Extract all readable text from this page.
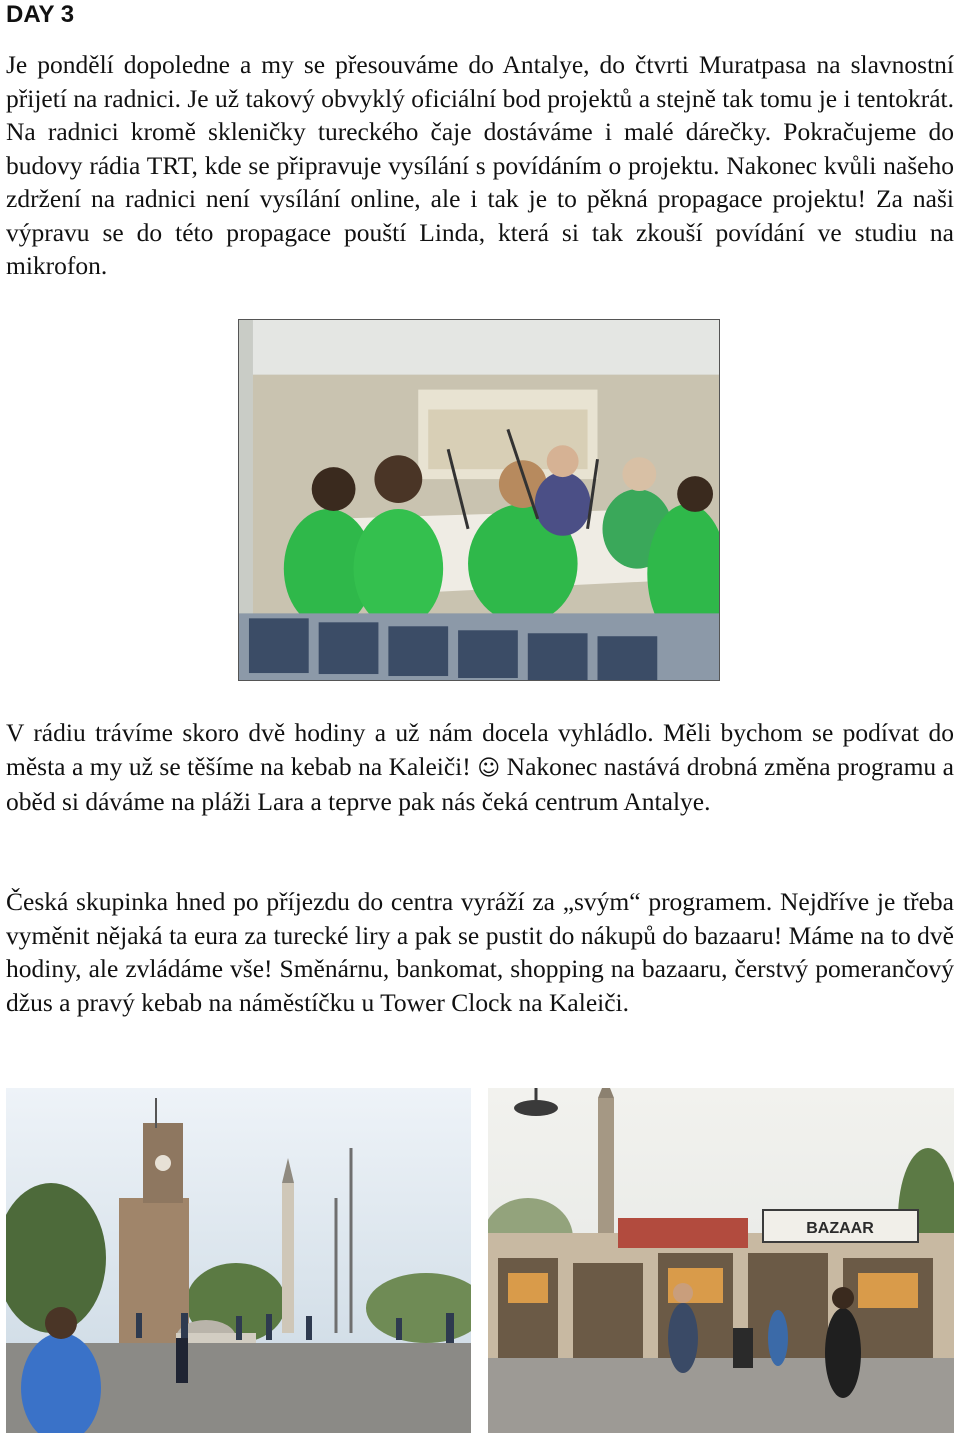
DAY 3

Je pondělí dopoledne a my se přesouváme do Antalye, do čtvrti Muratpasa na slavnostní přijetí na radnici. Je už takový obvyklý oficiální bod projektů a stejně tak tomu je i tentokrát. Na radnici kromě skleničky tureckého čaje dostáváme i malé dárečky. Pokračujeme do budovy rádia TRT, kde se připravuje vysílání s povídáním o projektu. Nakonec kvůli našeho zdržení na radnici není vysílání online, ale i tak je to pěkná propagace projektu! Za naši výpravu se do této propagace pouští Linda, která si tak zkouší povídání ve studiu na mikrofon.

V rádiu trávíme skoro dvě hodiny a už nám docela vyhládlo. Měli bychom se podívat do města a my už se těšíme na kebab na Kaleiči! ☺ Nakonec nastává drobná změna programu a oběd si dáváme na pláži Lara a teprve pak nás čeká centrum Antalye.

Česká skupinka hned po příjezdu do centra vyráží za „svým“ programem. Nejdříve je třeba vyměnit nějaká ta eura za turecké liry a pak se pustit do nákupů do bazaaru! Máme na to dvě hodiny, ale zvládáme vše! Směnárnu, bankomat, shopping na bazaaru, čerstvý pomerančový džus a pravý kebab na náměstíčku u Tower Clock na Kaleiči.

BAZAAR
